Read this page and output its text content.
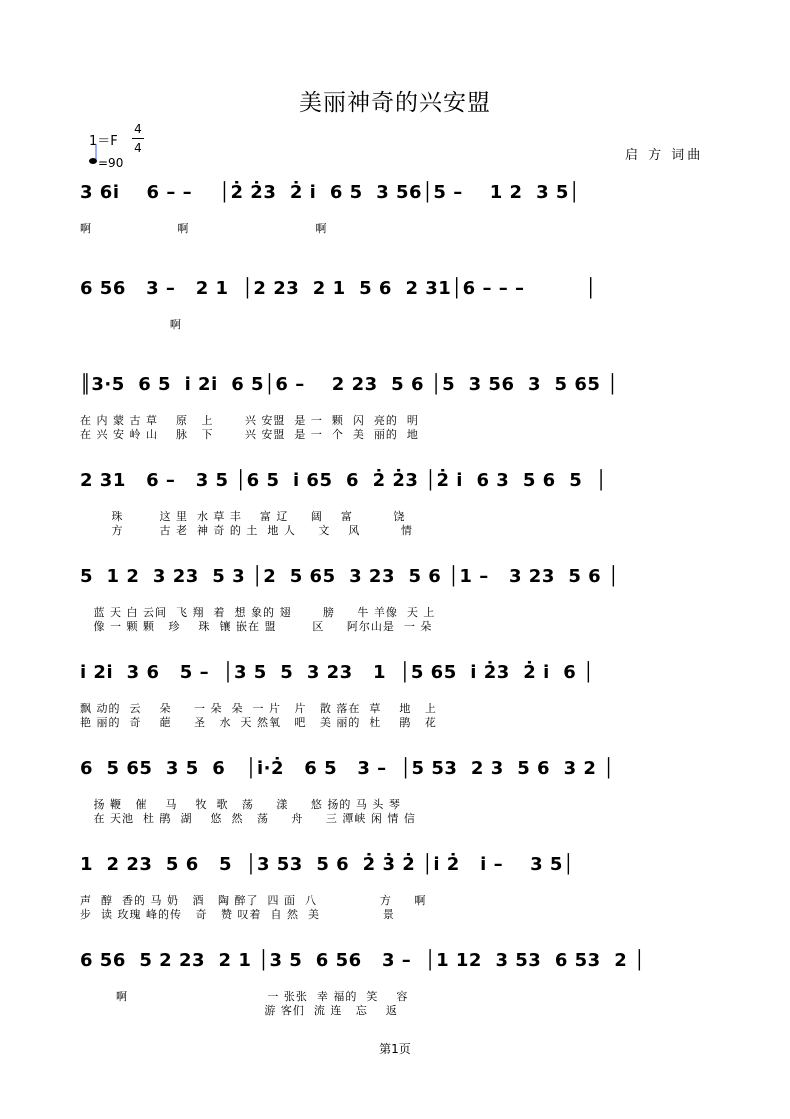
美丽神奇的兴安盟
1＝F
4
4
=90	启 方 词曲
3 6i̇    6 – –    │2̇ 2̇3  2̇ i̇  6 5  3 56│5 –    1 2  3 5│
啊                   啊                            啊
6 56   3 –   2 1  │2 23  2 1  5 6  2 31│6 – – –         │
啊
║3·5  6 5  i̇ 2i̇  6 5│6 –    2 23  5 6 │5  3 56  3  5 65 │
在 内 蒙 古 草    原   上       兴 安盟  是 一  颗  闪  亮的  明
在 兴 安 岭 山    脉   下       兴 安盟  是 一  个  美  丽的  地
2 31   6 –   3 5 │6 5  i̇ 65  6  2̇ 2̇3 │2̇ i̇  6 3  5 6  5  │
珠        这 里  水 草 丰    富 辽     阔    富         饶
方        古 老  神 奇 的 土  地 人     文    风         情
5  1 2  3 23  5 3 │2  5 65  3 23  5 6 │1 –   3 23  5 6 │
蓝 天 白 云间  飞 翔  着  想 象的 翅       膀     牛 羊像  天 上
像 一 颗 颗   珍    珠  镶 嵌在 盟        区     阿尔山是  一 朵
i̇ 2i̇  3 6   5 –  │3 5  5  3 23   1  │5 65  i̇ 2̇3  2̇ i̇  6 │
飘 动的  云    朵     一 朵  朵  一 片   片   散 落在  草    地   上
艳 丽的  奇    葩     圣   水  天 然氧   吧   美 丽的  杜    鹃   花
6  5 65  3 5  6   │i̇·2̇   6 5   3 –  │5 53  2 3  5 6  3 2 │
扬 鞭   催    马    牧  歌   荡     漾     悠 扬的 马 头 琴
在 天池  杜 鹃  湖    悠  然   荡     舟     三 潭峡 闲 情 信
1  2 23  5 6   5  │3 53  5 6  2̇ 3̇ 2̇ │i̇ 2̇   i̇ –    3 5│
声  醇  香的 马 奶   酒   陶 醉了  四 面  八              方     啊
步  读 玫瑰 峰的传   奇   赞 叹着  自 然  美              景
6 56  5 2 23  2 1 │3 5  6 56   3 –  │1 12  3 53  6 53  2 │
啊                               一 张张  幸 福的  笑    容
游 客们  流 连   忘    返
第1页
